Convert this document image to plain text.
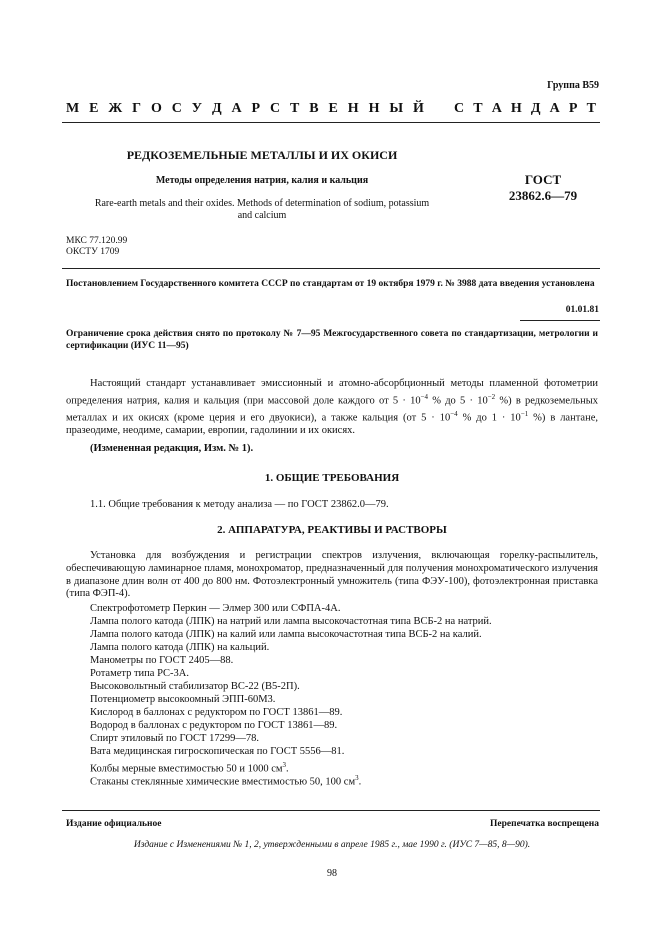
Группа В59

М Е Ж Г О С У Д А Р С Т В Е Н Н Ы Й С Т А Н Д А Р Т

РЕДКОЗЕМЕЛЬНЫЕ МЕТАЛЛЫ И ИХ ОКИСИ

Методы определения натрия, калия и кальция

Rare-earth metals and their oxides. Methods of determination of sodium, potassium
and calcium
ГОСТ
23862.6—79
МКС 77.120.99
ОКСТУ 1709

Постановлением Государственного комитета СССР по стандартам от 19 октября 1979 г. № 3988 дата введения установлена

01.01.81

Ограничение срока действия снято по протоколу № 7—95 Межгосударственного совета по стандартизации, метрологии и сертификации (ИУС 11—95)

Настоящий стандарт устанавливает эмиссионный и атомно-абсорбционный методы пламенной фотометрии определения натрия, калия и кальция (при массовой доле каждого от $5 \cdot 10^{-4}$ % до $5 \cdot 10^{-2}$ %) в редкоземельных металлах и их окисях (кроме церия и его двуокиси), а также кальция (от $5 \cdot 10^{-4}$ % до $1 \cdot 10^{-1}$ %) в лантане, празеодиме, неодиме, самарии, европии, гадолинии и их окисях.

(Измененная редакция, Изм. № 1).

1. ОБЩИЕ ТРЕБОВАНИЯ

1.1. Общие требования к методу анализа — по ГОСТ 23862.0—79.

2. АППАРАТУРА, РЕАКТИВЫ И РАСТВОРЫ

Установка для возбуждения и регистрации спектров излучения, включающая горелку-распылитель, обеспечивающую ламинарное пламя, монохроматор, предназначенный для получения монохроматического излучения в диапазоне длин волн от 400 до 800 нм. Фотоэлектронный умножитель (типа ФЭУ-100), фотоэлектронная приставка (типа ФЭП-4).

Спектрофотометр Перкин — Элмер 300 или СФПА-4А.

Лампа полого катода (ЛПК) на натрий или лампа высокочастотная типа ВСБ-2 на натрий.

Лампа полого катода (ЛПК) на калий или лампа высокочастотная типа ВСБ-2 на калий.

Лампа полого катода (ЛПК) на кальций.

Манометры по ГОСТ 2405—88.

Ротаметр типа РС-3А.

Высоковольтный стабилизатор ВС-22 (В5-2П).

Потенциометр высокоомный ЭПП-60М3.

Кислород в баллонах с редуктором по ГОСТ 13861—89.

Водород в баллонах с редуктором по ГОСТ 13861—89.

Спирт этиловый по ГОСТ 17299—78.

Вата медицинская гигроскопическая по ГОСТ 5556—81.

Колбы мерные вместимостью 50 и 1000 $см^3$.

Стаканы стеклянные химические вместимостью 50, 100 $см^3$.

Издание официальное	Перепечатка воспрещена

Издание с Изменениями № 1, 2, утвержденными в апреле 1985 г., мае 1990 г. (ИУС 7—85, 8—90).

98
